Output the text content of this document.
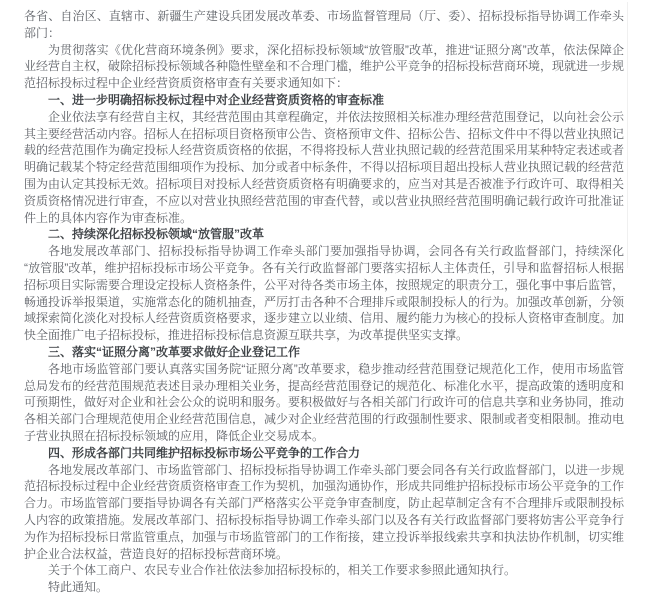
各省、自治区、直辖市、新疆生产建设兵团发展改革委、市场监督管理局（厅、委）、招标投标指导协调工作牵头部门：

为贯彻落实《优化营商环境条例》要求，深化招标投标领域“放管服”改革，推进“证照分离”改革，依法保障企业经营自主权，破除招标投标领域各种隐性壁垒和不合理门槛，维护公平竞争的招标投标营商环境，现就进一步规范招标投标过程中企业经营资质资格审查有关要求通知如下：

一、进一步明确招标投标过程中对企业经营资质资格的审查标准

企业依法享有经营自主权，其经营范围由其章程确定，并依法按照相关标准办理经营范围登记，以向社会公示其主要经营活动内容。招标人在招标项目资格预审公告、资格预审文件、招标公告、招标文件中不得以营业执照记载的经营范围作为确定投标人经营资质资格的依据，不得将投标人营业执照记载的经营范围采用某种特定表述或者明确记载某个特定经营范围细项作为投标、加分或者中标条件，不得以招标项目超出投标人营业执照记载的经营范围为由认定其投标无效。招标项目对投标人经营资质资格有明确要求的，应当对其是否被准予行政许可、取得相关资质资格情况进行审查，不应以对营业执照经营范围的审查代替，或以营业执照经营范围明确记载行政许可批准证件上的具体内容作为审查标准。

二、持续深化招标投标领域“放管服”改革

各地发展改革部门、招标投标指导协调工作牵头部门要加强指导协调，会同各有关行政监督部门，持续深化“放管服”改革，维护招标投标市场公平竞争。各有关行政监督部门要落实招标人主体责任，引导和监督招标人根据招标项目实际需要合理设定投标人资格条件，公平对待各类市场主体，按照规定的职责分工，强化事中事后监管，畅通投诉举报渠道，实施常态化的随机抽查，严厉打击各种不合理排斥或限制投标人的行为。加强改革创新，分领域探索简化淡化对投标人经营资质资格要求，逐步建立以业绩、信用、履约能力为核心的投标人资格审查制度。加快全面推广电子招标投标，推进招标投标信息资源互联共享，为改革提供坚实支撑。

三、落实“证照分离”改革要求做好企业登记工作

各地市场监管部门要认真落实国务院“证照分离”改革要求，稳步推动经营范围登记规范化工作，使用市场监管总局发布的经营范围规范表述目录办理相关业务，提高经营范围登记的规范化、标准化水平，提高政策的透明度和可预期性，做好对企业和社会公众的说明和服务。要积极做好与各相关部门行政许可的信息共享和业务协同，推动各相关部门合理规范使用企业经营范围信息，减少对企业经营范围的行政强制性要求、限制或者变相限制。推动电子营业执照在招标投标领域的应用，降低企业交易成本。

四、形成各部门共同维护招标投标市场公平竞争的工作合力

各地发展改革部门、市场监管部门、招标投标指导协调工作牵头部门要会同各有关行政监督部门，以进一步规范招标投标过程中企业经营资质资格审查工作为契机，加强沟通协作，形成共同维护招标投标市场公平竞争的工作合力。市场监管部门要指导协调各有关部门严格落实公平竞争审查制度，防止起草制定含有不合理排斥或限制投标人内容的政策措施。发展改革部门、招标投标指导协调工作牵头部门以及各有关行政监督部门要将妨害公平竞争行为作为招标投标日常监管重点，加强与市场监管部门的工作衔接，建立投诉举报线索共享和执法协作机制，切实维护企业合法权益，营造良好的招标投标营商环境。

关于个体工商户、农民专业合作社依法参加招标投标的，相关工作要求参照此通知执行。

特此通知。
